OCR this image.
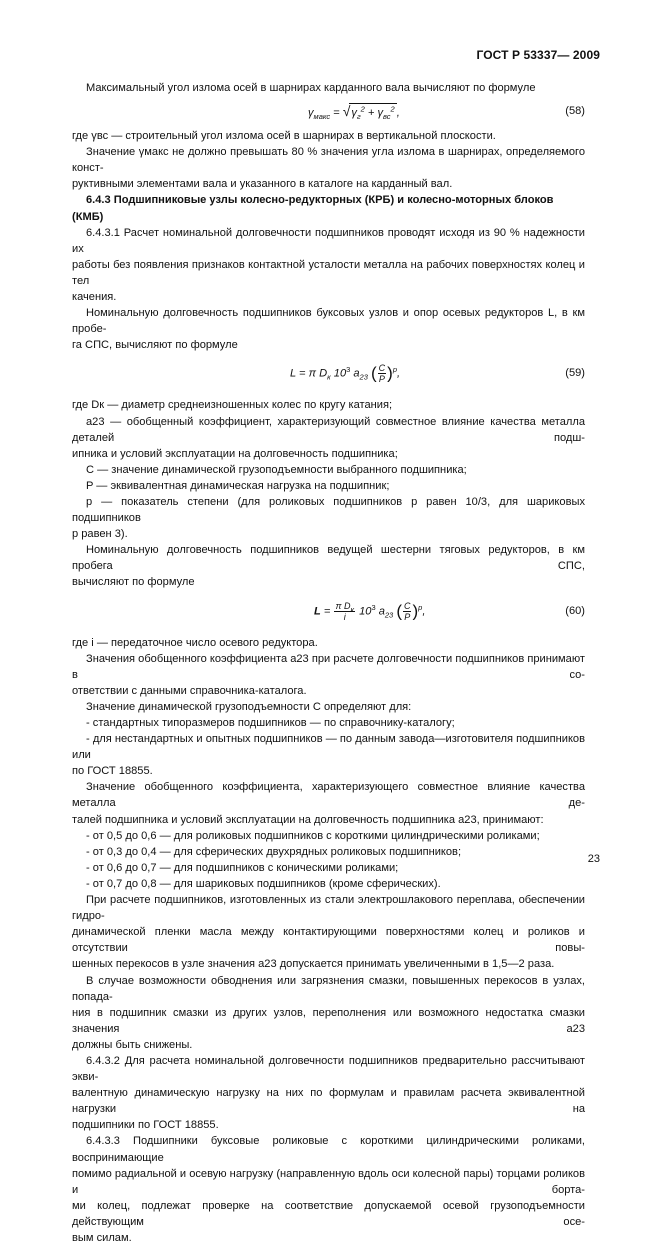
ГОСТ Р 53337— 2009

Максимальный угол излома осей в шарнирах карданного вала вычисляют по формуле

$\gamma_{макс} = √\gamma_г^2 + \gamma_{вс}^2$ ,	(58)

где γвс — строительный угол излома осей в шарнирах в вертикальной плоскости.

Значение γмакс не должно превышать 80 % значения угла излома в шарнирах, определяемого конст-

руктивными элементами вала и указанного в каталоге на карданный вал.

6.4.3 Подшипниковые узлы колесно-редукторных (КРБ) и колесно-моторных блоков (КМБ)

6.4.3.1 Расчет номинальной долговечности подшипников проводят исходя из 90 % надежности их

работы без появления признаков контактной усталости металла на рабочих поверхностях колец и тел

качения.

Номинальную долговечность подшипников буксовых узлов и опор осевых редукторов L, в км пробе-

га СПС, вычисляют по формуле

L = π $D_к$ $10^3$ $a_{23}$ ( $\frac{C}{P} )^p$,	(59)

где Dк — диаметр среднеизношенных колес по кругу катания;

a23 — обобщенный коэффициент, характеризующий совместное влияние качества металла деталей подш-

ипника и условий эксплуатации на долговечность подшипника;

C — значение динамической грузоподъемности выбранного подшипника;

P — эквивалентная динамическая нагрузка на подшипник;

p — показатель степени (для роликовых подшипников p равен 10/3, для шариковых подшипников

p равен 3).

Номинальную долговечность подшипников ведущей шестерни тяговых редукторов, в км пробега СПС,

вычисляют по формуле

$L = \frac{\pi D_к}{i} 10^3$ $a_{23}$ ( $\frac{C}{P} )^p$,	(60)

где i — передаточное число осевого редуктора.

Значения обобщенного коэффициента a23 при расчете долговечности подшипников принимают в со-

ответствии с данными справочника-каталога.

Значение динамической грузоподъемности C определяют для:

- стандартных типоразмеров подшипников — по справочнику-каталогу;

- для нестандартных и опытных подшипников — по данным завода—изготовителя подшипников или

по ГОСТ 18855.

Значение обобщенного коэффициента, характеризующего совместное влияние качества металла де-

талей подшипника и условий эксплуатации на долговечность подшипника a23, принимают:

- от 0,5 до 0,6 — для роликовых подшипников с короткими цилиндрическими роликами;

- от 0,3 до 0,4 — для сферических двухрядных роликовых подшипников;

- от 0,6 до 0,7 — для подшипников с коническими роликами;

- от 0,7 до 0,8 — для шариковых подшипников (кроме сферических).

При расчете подшипников, изготовленных из стали электрошлакового переплава, обеспечении гидро-

динамической пленки масла между контактирующими поверхностями колец и роликов и отсутствии повы-

шенных перекосов в узле значения a23 допускается принимать увеличенными в 1,5—2 раза.

В случае возможности обводнения или загрязнения смазки, повышенных перекосов в узлах, попада-

ния в подшипник смазки из других узлов, переполнения или возможного недостатка смазки значения a23

должны быть снижены.

6.4.3.2 Для расчета номинальной долговечности подшипников предварительно рассчитывают экви-

валентную динамическую нагрузку на них по формулам и правилам расчета эквивалентной нагрузки на

подшипники по ГОСТ 18855.

6.4.3.3 Подшипники буксовые роликовые с короткими цилиндрическими роликами, воспринимающие

помимо радиальной и осевую нагрузку (направленную вдоль оси колесной пары) торцами роликов и борта-

ми колец, подлежат проверке на соответствие допускаемой осевой грузоподъемности действующим осе-

вым силам.

23
